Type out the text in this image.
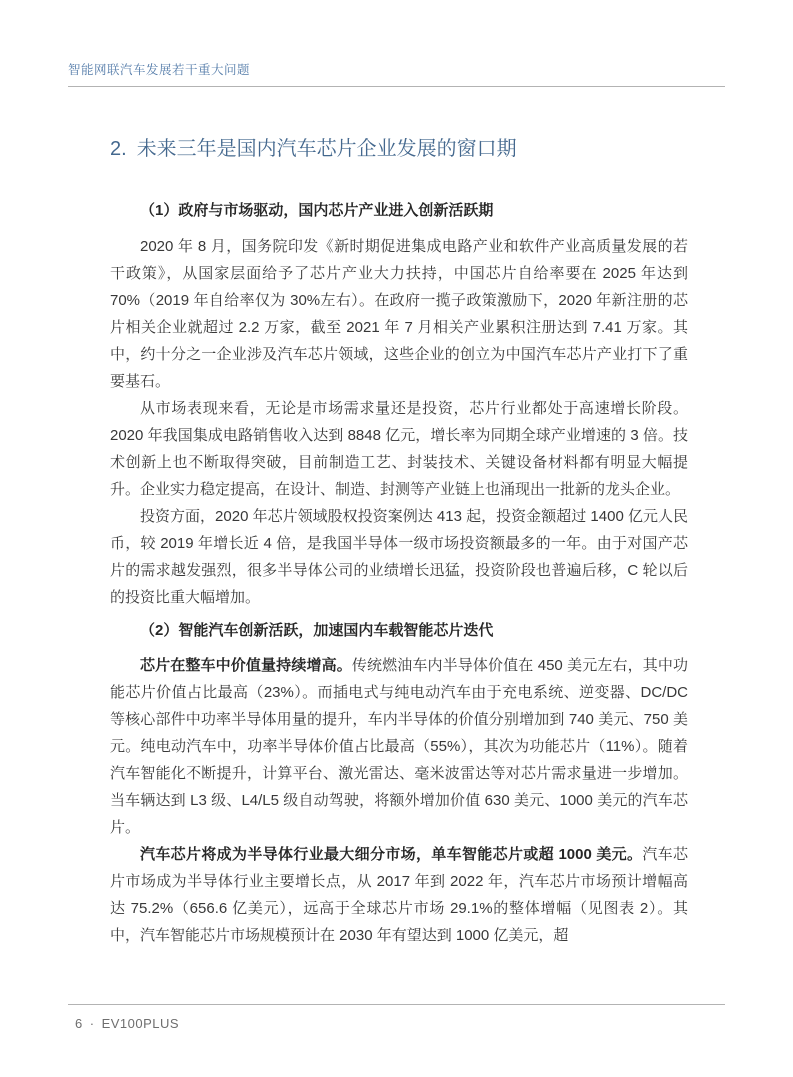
智能网联汽车发展若干重大问题
2. 未来三年是国内汽车芯片企业发展的窗口期
（1）政府与市场驱动，国内芯片产业进入创新活跃期

2020 年 8 月，国务院印发《新时期促进集成电路产业和软件产业高质量发展的若干政策》，从国家层面给予了芯片产业大力扶持，中国芯片自给率要在 2025 年达到 70%（2019 年自给率仅为 30%左右）。在政府一揽子政策激励下，2020 年新注册的芯片相关企业就超过 2.2 万家，截至 2021 年 7 月相关产业累积注册达到 7.41 万家。其中，约十分之一企业涉及汽车芯片领域，这些企业的创立为中国汽车芯片产业打下了重要基石。

从市场表现来看，无论是市场需求量还是投资，芯片行业都处于高速增长阶段。2020 年我国集成电路销售收入达到 8848 亿元，增长率为同期全球产业增速的 3 倍。技术创新上也不断取得突破，目前制造工艺、封装技术、关键设备材料都有明显大幅提升。企业实力稳定提高，在设计、制造、封测等产业链上也涌现出一批新的龙头企业。

投资方面，2020 年芯片领域股权投资案例达 413 起，投资金额超过 1400 亿元人民币，较 2019 年增长近 4 倍，是我国半导体一级市场投资额最多的一年。由于对国产芯片的需求越发强烈，很多半导体公司的业绩增长迅猛，投资阶段也普遍后移，C 轮以后的投资比重大幅增加。

（2）智能汽车创新活跃，加速国内车载智能芯片迭代

芯片在整车中价值量持续增高。传统燃油车内半导体价值在 450 美元左右，其中功能芯片价值占比最高（23%）。而插电式与纯电动汽车由于充电系统、逆变器、DC/DC 等核心部件中功率半导体用量的提升，车内半导体的价值分别增加到 740 美元、750 美元。纯电动汽车中，功率半导体价值占比最高（55%），其次为功能芯片（11%）。随着汽车智能化不断提升，计算平台、激光雷达、毫米波雷达等对芯片需求量进一步增加。当车辆达到 L3 级、L4/L5 级自动驾驶，将额外增加价值 630 美元、1000 美元的汽车芯片。

汽车芯片将成为半导体行业最大细分市场，单车智能芯片或超 1000 美元。汽车芯片市场成为半导体行业主要增长点，从 2017 年到 2022 年，汽车芯片市场预计增幅高达 75.2%（656.6 亿美元），远高于全球芯片市场 29.1%的整体增幅（见图表 2）。其中，汽车智能芯片市场规模预计在 2030 年有望达到 1000 亿美元，超

6 · EV100PLUS
